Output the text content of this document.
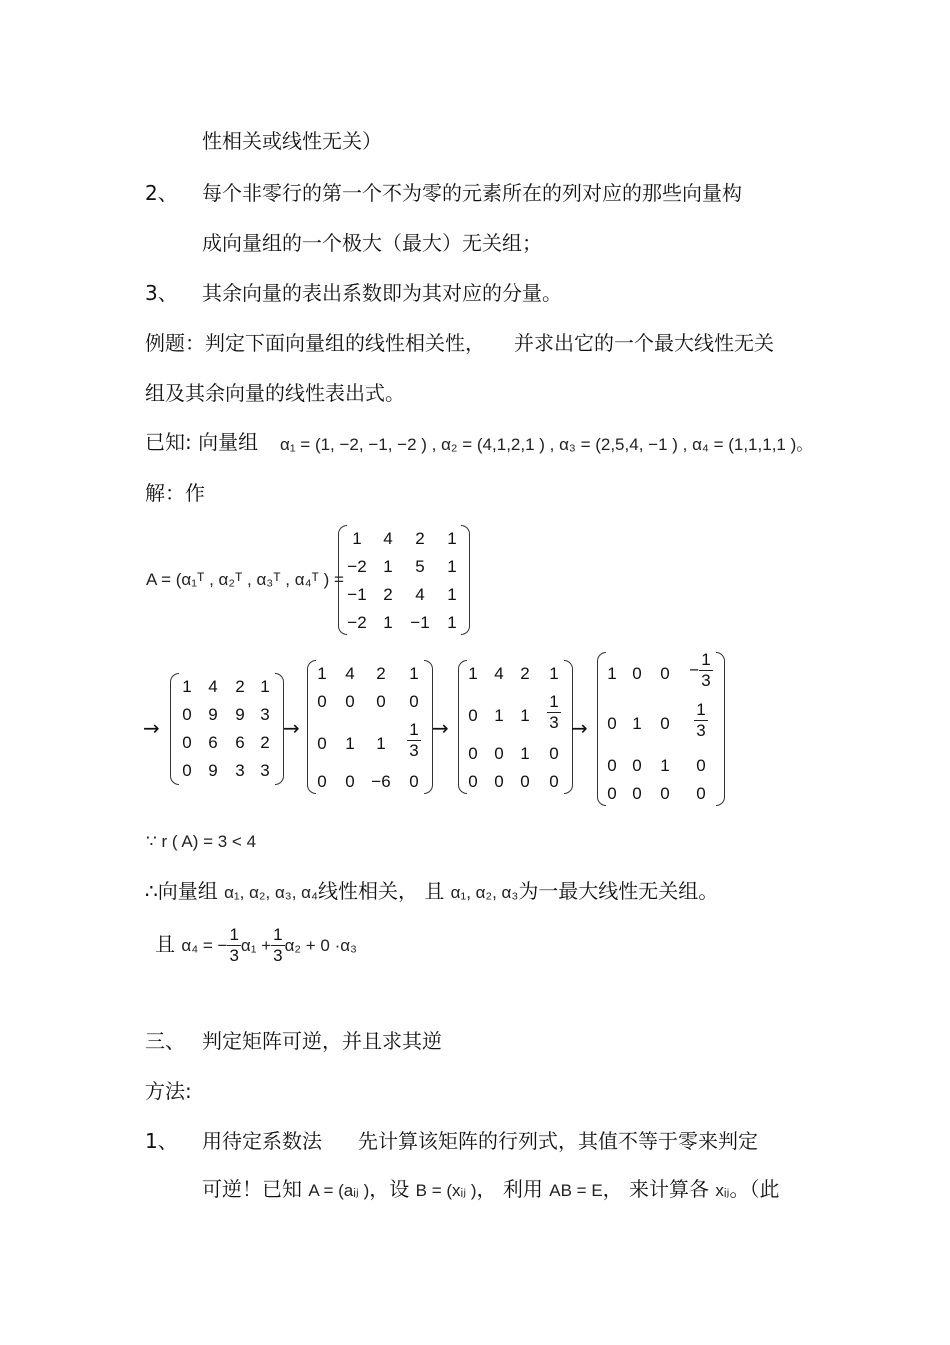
性相关或线性无关）
2、 每个非零行的第一个不为零的元素所在的列对应的那些向量构
成向量组的一个极大（最大）无关组；
3、 其余向量的表出系数即为其对应的分量。
例题：判定下面向量组的线性相关性， 并求出它的一个最大线性无关
组及其余向量的线性表出式。
已知: 向量组 α₁ = (1, −2, −1, −2 ) , α₂ = (4,1,2,1 ) , α₃ = (2,5,4, −1 ) , α₄ = (1,1,1,1 )。
解：作
A = (α₁ᵀ , α₂ᵀ , α₃ᵀ , α₄ᵀ ) =
1	4	2	1
−2 1	5	1
−1 2	4	1
−2 1	−1	1
→
1 4	2 1
0 9	9 3
0 6	6 2
0 9	3 3
→
1	4	2	1
0	0	0	0
0	1	1	$\frac{1}{3}$
0	0 −6	0
→
1 4 2	1
0 1 1	$\frac{1}{3}$
0 0 1	0
0 0 0	0
→
1 0	0	− $\frac{1}{3}$
0 1	0	$\frac{1}{3}$
0 0	1	0
0 0	0	0
∵ r ( A) = 3 < 4
∴向量组 α₁, α₂, α₃, α₄线性相关， 且 α₁, α₂, α₃为一最大线性无关组。
且 α₄ = − $\frac{1}{3} \alpha_1 + \frac{1}{3} \alpha_2 + 0 \cdot\alpha_3$
三、 判定矩阵可逆，并且求其逆
方法:
1、 用待定系数法 先计算该矩阵的行列式，其值不等于零来判定
可逆！已知 A = (aᵢⱼ )，设 B = (xᵢⱼ )， 利用 AB = E， 来计算各 xᵢⱼ。（此
